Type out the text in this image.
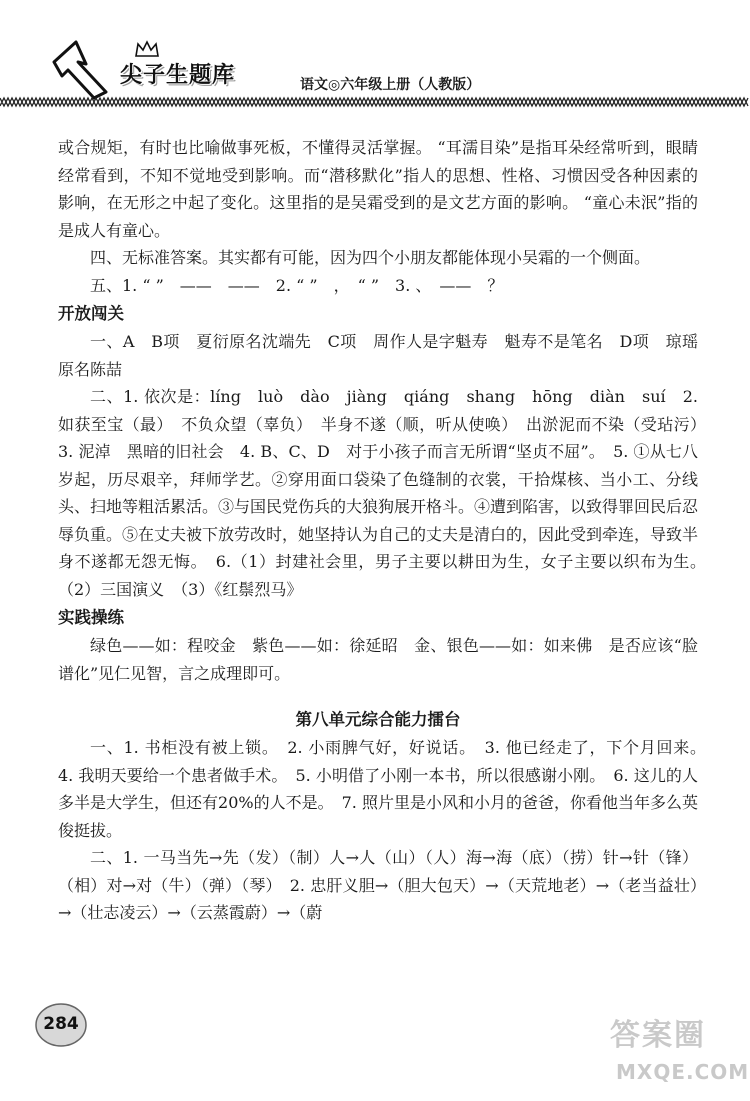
尖子生题库	语文◎六年级上册（人教版）

或合规矩，有时也比喻做事死板，不懂得灵活掌握。 “耳濡目染”是指耳朵经常听到，眼睛经常看到，不知不觉地受到影响。而“潜移默化”指人的思想、性格、习惯因受各种因素的影响，在无形之中起了变化。这里指的是吴霜受到的是文艺方面的影响。 “童心未泯”指的是成人有童心。

四、无标准答案。其实都有可能，因为四个小朋友都能体现小吴霜的一个侧面。

五、1. “ ”　——　——　2. “ ”　，　“ ”　3. 、　——　？

开放闯关

一、A　B项　夏衍原名沈端先　C项　周作人是字魁寿　魁寿不是笔名　D项　琼瑶原名陈喆

二、1. 依次是：líng　luò　dào　jiàng　qiáng　shang　hōng　diàn　suí　2. 如获至宝（最）　不负众望（辜负）　半身不遂（顺，听从使唤）　出淤泥而不染（受玷污）　3. 泥淖　黑暗的旧社会　4. B、C、D　对于小孩子而言无所谓“坚贞不屈”。　5. ①从七八岁起，历尽艰辛，拜师学艺。②穿用面口袋染了色缝制的衣裳，干拾煤核、当小工、分线头、扫地等粗活累活。③与国民党伤兵的大狼狗展开格斗。④遭到陷害，以致得罪回民后忍辱负重。⑤在丈夫被下放劳改时，她坚持认为自己的丈夫是清白的，因此受到牵连，导致半身不遂都无怨无悔。　6.（1）封建社会里，男子主要以耕田为生，女子主要以织布为生。　（2）三国演义　（3）《红鬃烈马》

实践操练

绿色——如：程咬金　紫色——如：徐延昭　金、银色——如：如来佛　是否应该“脸谱化”见仁见智，言之成理即可。

第八单元综合能力擂台

一、1. 书柜没有被上锁。　2. 小雨脾气好，好说话。　3. 他已经走了，下个月回来。　4. 我明天要给一个患者做手术。　5. 小明借了小刚一本书，所以很感谢小刚。　6. 这儿的人多半是大学生，但还有20%的人不是。　7. 照片里是小风和小月的爸爸，你看他当年多么英俊挺拔。

二、1. 一马当先→先（发）（制）人→人（山）（人）海→海（底）（捞）针→针（锋）（相）对→对（牛）（弹）（琴）　2. 忠肝义胆→（胆大包天）→（天荒地老）→（老当益壮）→（壮志凌云）→（云蒸霞蔚）→（蔚

284	答案圈
MXQE.COM
